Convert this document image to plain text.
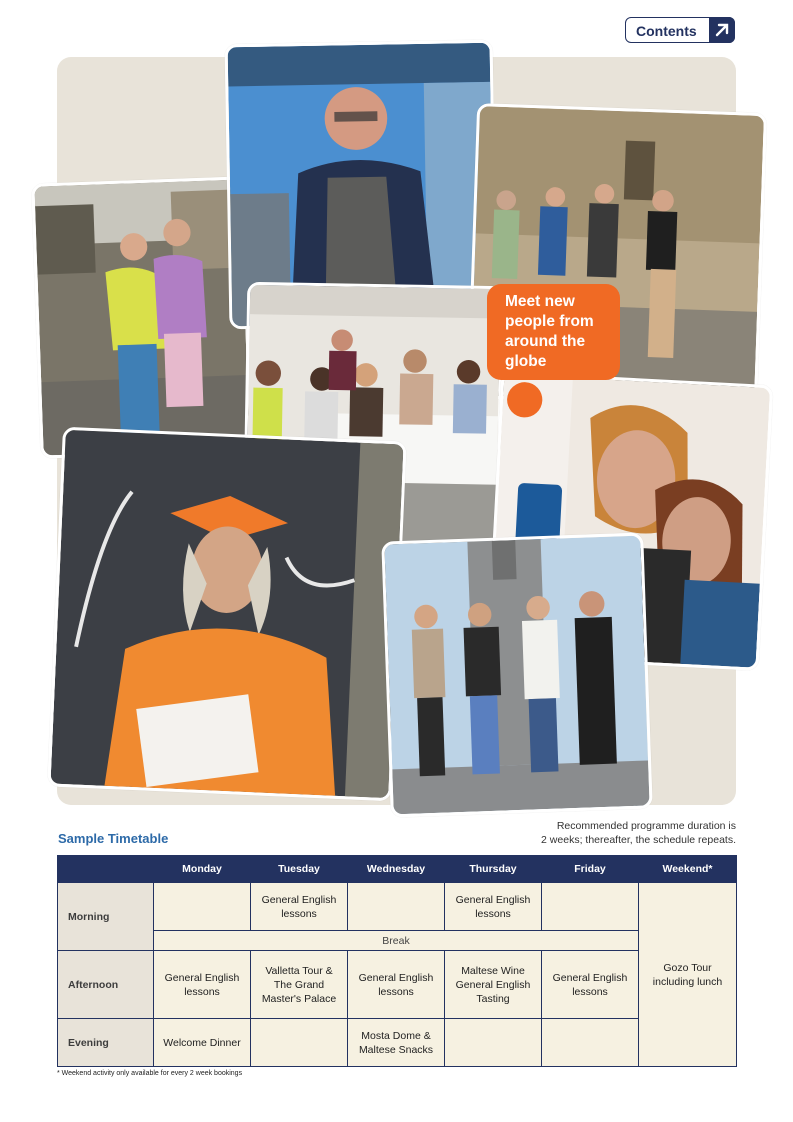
Contents
Meet new
people from
around the
globe
Sample Timetable
Recommended programme duration is
2 weeks; thereafter, the schedule repeats.
	Monday	Tuesday	Wednesday	Thursday	Friday	Weekend*
Morning		General English lessons		General English lessons		Gozo Tour including lunch
	Break					
Afternoon	General English lessons	Valletta Tour & The Grand Master's Palace	General English lessons	Maltese Wine General English Tasting	General English lessons	
Evening	Welcome Dinner		Mosta Dome & Maltese Snacks			
* Weekend activity only available for every 2 week bookings
